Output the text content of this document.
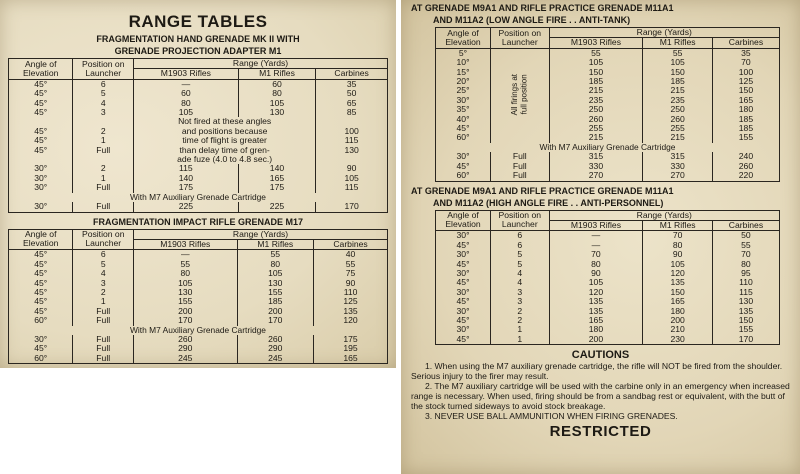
RANGE TABLES
FRAGMENTATION HAND GRENADE MK II WITH
GRENADE PROJECTION ADAPTER M1
Angle of
Elevation	Position on
Launcher	Range (Yards)		
		M1903 Rifles	M1 Rifles	Carbines
45°	6	—	60	35
45°	5	60	80	50
45°	4	80	105	65
45°	3	105	130	85
		Not fired at these angles		
45°	2	and positions because		100
45°	1	time of flight is greater		115
45°	Full	than delay time of gren-		130
		ade fuze (4.0 to 4.8 sec.)		
30°	2	115	140	90
30°	1	140	165	105
30°	Full	175	175	115
With M7 Auxiliary Grenade Cartridge				
30°	Full	225	225	170
FRAGMENTATION IMPACT RIFLE GRENADE M17
Angle of
Elevation	Position on
Launcher	Range (Yards)		
		M1903 Rifles	M1 Rifles	Carbines
45°	6	—	55	40
45°	5	55	80	55
45°	4	80	105	75
45°	3	105	130	90
45°	2	130	155	110
45°	1	155	185	125
45°	Full	200	200	135
60°	Full	170	170	120
With M7 Auxiliary Grenade Cartridge				
30°	Full	260	260	175
45°	Full	290	290	195
60°	Full	245	245	165
AT GRENADE M9A1 AND RIFLE PRACTICE GRENADE M11A1
AND M11A2 (LOW ANGLE FIRE . . ANTI-TANK)
Angle of
Elevation	Position on
Launcher	Range (Yards)		
		M1903 Rifles	M1 Rifles	Carbines
5°	All firings at
full position	55	55	35
10°		105	105	70
15°		150	150	100
20°		185	185	125
25°		215	215	150
30°		235	235	165
35°		250	250	180
40°		260	260	185
45°		255	255	185
60°		215	215	155
With M7 Auxiliary Grenade Cartridge				
30°	Full	315	315	240
45°	Full	330	330	260
60°	Full	270	270	220
AT GRENADE M9A1 AND RIFLE PRACTICE GRENADE M11A1
AND M11A2 (HIGH ANGLE FIRE . . ANTI-PERSONNEL)
Angle of
Elevation	Position on
Launcher	Range (Yards)		
		M1903 Rifles	M1 Rifles	Carbines
30°	6	—	70	50
45°	6	—	80	55
30°	5	70	90	70
45°	5	80	105	80
30°	4	90	120	95
45°	4	105	135	110
30°	3	120	150	115
45°	3	135	165	130
30°	2	135	180	135
45°	2	165	200	150
30°	1	180	210	155
45°	1	200	230	170
CAUTIONS

1. When using the M7 auxiliary grenade cartridge, the rifle will NOT be fired from the shoulder. Serious injury to the firer may result.

2. The M7 auxiliary cartridge will be used with the carbine only in an emergency when increased range is necessary. When used, firing should be from a sandbag rest or equivalent, with the butt of the stock turned sideways to avoid stock breakage.

3. NEVER USE BALL AMMUNITION WHEN FIRING GRENADES.

RESTRICTED
